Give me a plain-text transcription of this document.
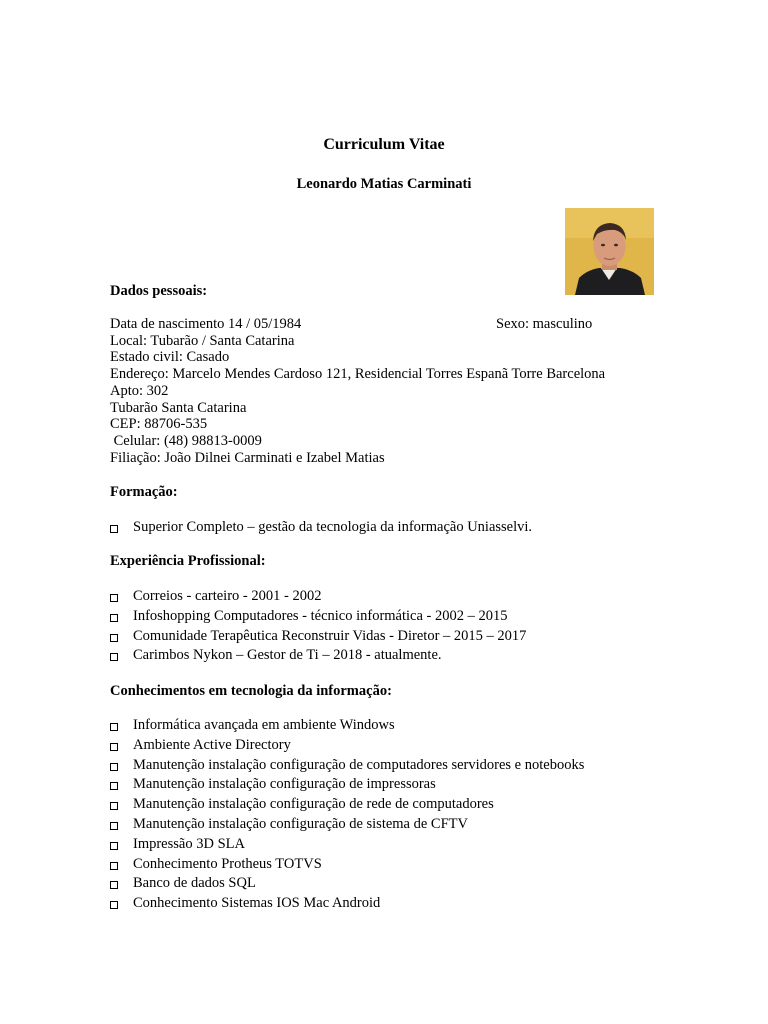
Curriculum Vitae
Leonardo Matias Carminati
Dados pessoais:
Data de nascimento 14 / 05/1984	Sexo: masculino
Local: Tubarão / Santa Catarina
Estado civil: Casado
Endereço: Marcelo Mendes Cardoso 121, Residencial Torres Espanã Torre Barcelona
Apto: 302
Tubarão Santa Catarina
CEP: 88706-535
Celular: (48) 98813-0009
Filiação: João Dilnei Carminati e Izabel Matias
Formação:
Superior Completo – gestão da tecnologia da informação Uniasselvi.
Experiência Profissional:
Correios - carteiro - 2001 - 2002
Infoshopping Computadores - técnico informática - 2002 – 2015
Comunidade Terapêutica Reconstruir Vidas - Diretor – 2015 – 2017
Carimbos Nykon – Gestor de Ti – 2018 - atualmente.
Conhecimentos em tecnologia da informação:
Informática avançada em ambiente Windows
Ambiente Active Directory
Manutenção instalação configuração de computadores servidores e notebooks
Manutenção instalação configuração de impressoras
Manutenção instalação configuração de rede de computadores
Manutenção instalação configuração de sistema de CFTV
Impressão 3D SLA
Conhecimento Protheus TOTVS
Banco de dados SQL
Conhecimento Sistemas IOS Mac Android
